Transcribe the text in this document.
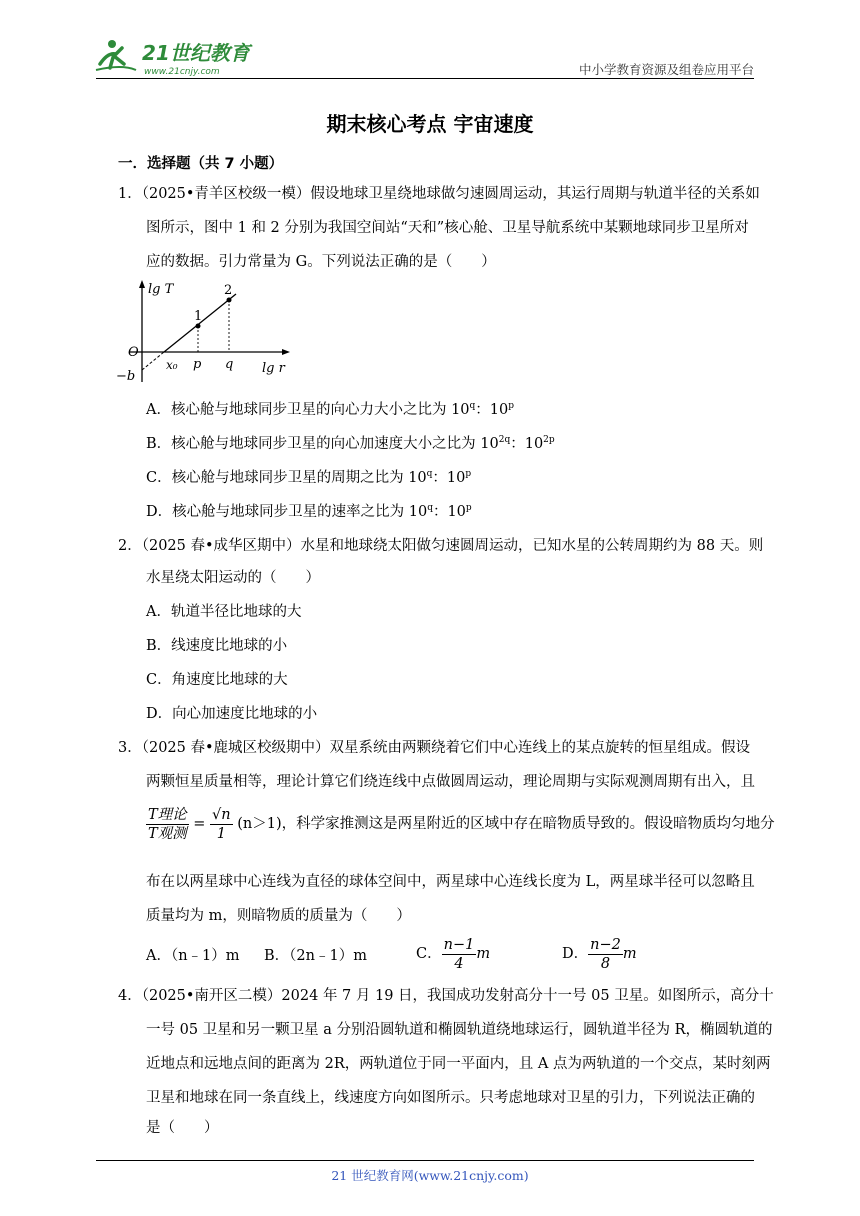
21世纪教育
www.21cnjy.com	中小学教育资源及组卷应用平台
期末核心考点 宇宙速度
一．选择题（共 7 小题）
1．（2025•青羊区校级一模）假设地球卫星绕地球做匀速圆周运动，其运行周期与轨道半径的关系如
图所示，图中 1 和 2 分别为我国空间站“天和”核心舱、卫星导航系统中某颗地球同步卫星所对
应的数据。引力常量为 G。下列说法正确的是（　　）
lg T
lg r
O
−b
x₀ p q
1
2
A．核心舱与地球同步卫星的向心力大小之比为 10$^q$：10$^p$
B．核心舱与地球同步卫星的向心加速度大小之比为 $10^{2q}$：$10^{2p}$
C．核心舱与地球同步卫星的周期之比为 10$^q$：10$^p$
D．核心舱与地球同步卫星的速率之比为 10$^q$：10$^p$
2．（2025 春•成华区期中）水星和地球绕太阳做匀速圆周运动，已知水星的公转周期约为 88 天。则
水星绕太阳运动的（　　）
A．轨道半径比地球的大
B．线速度比地球的小
C．角速度比地球的大
D．向心加速度比地球的小
3．（2025 春•鹿城区校级期中）双星系统由两颗绕着它们中心连线上的某点旋转的恒星组成。假设
两颗恒星质量相等，理论计算它们绕连线中点做圆周运动，理论周期与实际观测周期有出入，且
$\frac{\text{T理论}}{\text{T观测}} = \frac{√n}{1} (n>1)$，科学家推测这是两星附近的区域中存在暗物质导致的。假设暗物质均匀地分
布在以两星球中心连线为直径的球体空间中，两星球中心连线长度为 L，两星球半径可以忽略且
质量均为 m，则暗物质的质量为（　　）
A．（n﹣1）m B．（2n﹣1）m	C． $\frac{n-1}{4}$ m	D． $\frac{n-2}{8}$ m
4．（2025•南开区二模）2024 年 7 月 19 日，我国成功发射高分十一号 05 卫星。如图所示，高分十
一号 05 卫星和另一颗卫星 a 分别沿圆轨道和椭圆轨道绕地球运行，圆轨道半径为 R，椭圆轨道的
近地点和远地点间的距离为 2R，两轨道位于同一平面内，且 A 点为两轨道的一个交点，某时刻两
卫星和地球在同一条直线上，线速度方向如图所示。只考虑地球对卫星的引力，下列说法正确的
是（　　）
21 世纪教育网(www.21cnjy.com)
